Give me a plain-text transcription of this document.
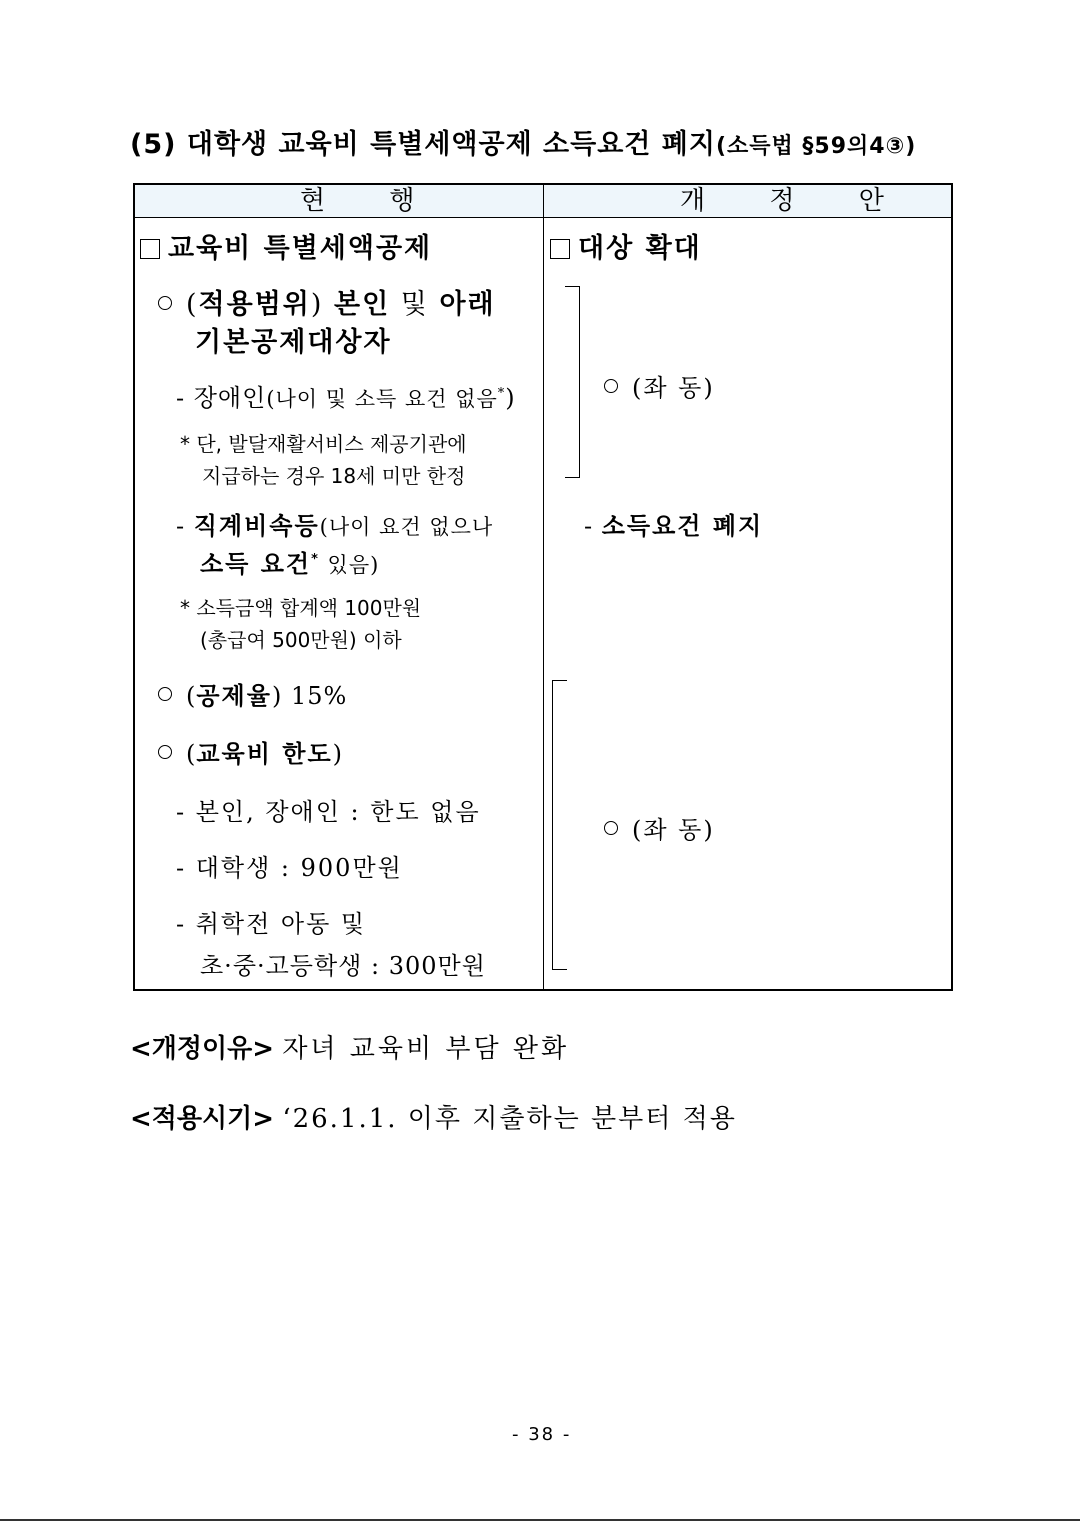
(5) 대학생 교육비 특별세액공제 소득요건 폐지(소득법 §59의4③)
현 행	개 정 안
교육비 특별세액공제
(적용범위) 본인 및 아래
기본공제대상자
- 장애인(나이 및 소득 요건 없음*)
* 단, 발달재활서비스 제공기관에
지급하는 경우 18세 미만 한정
- 직계비속등(나이 요건 없으나
소득 요건* 있음)
* 소득금액 합계액 100만원
(총급여 500만원) 이하
(공제율) 15%
(교육비 한도)
- 본인, 장애인 : 한도 없음
- 대학생 : 900만원
- 취학전 아동 및
초·중·고등학생 : 300만원
대상 확대
(좌 동)
- 소득요건 폐지
(좌 동)
<개정이유> 자녀 교육비 부담 완화
<적용시기> ‘26.1.1. 이후 지출하는 분부터 적용
- 38 -
